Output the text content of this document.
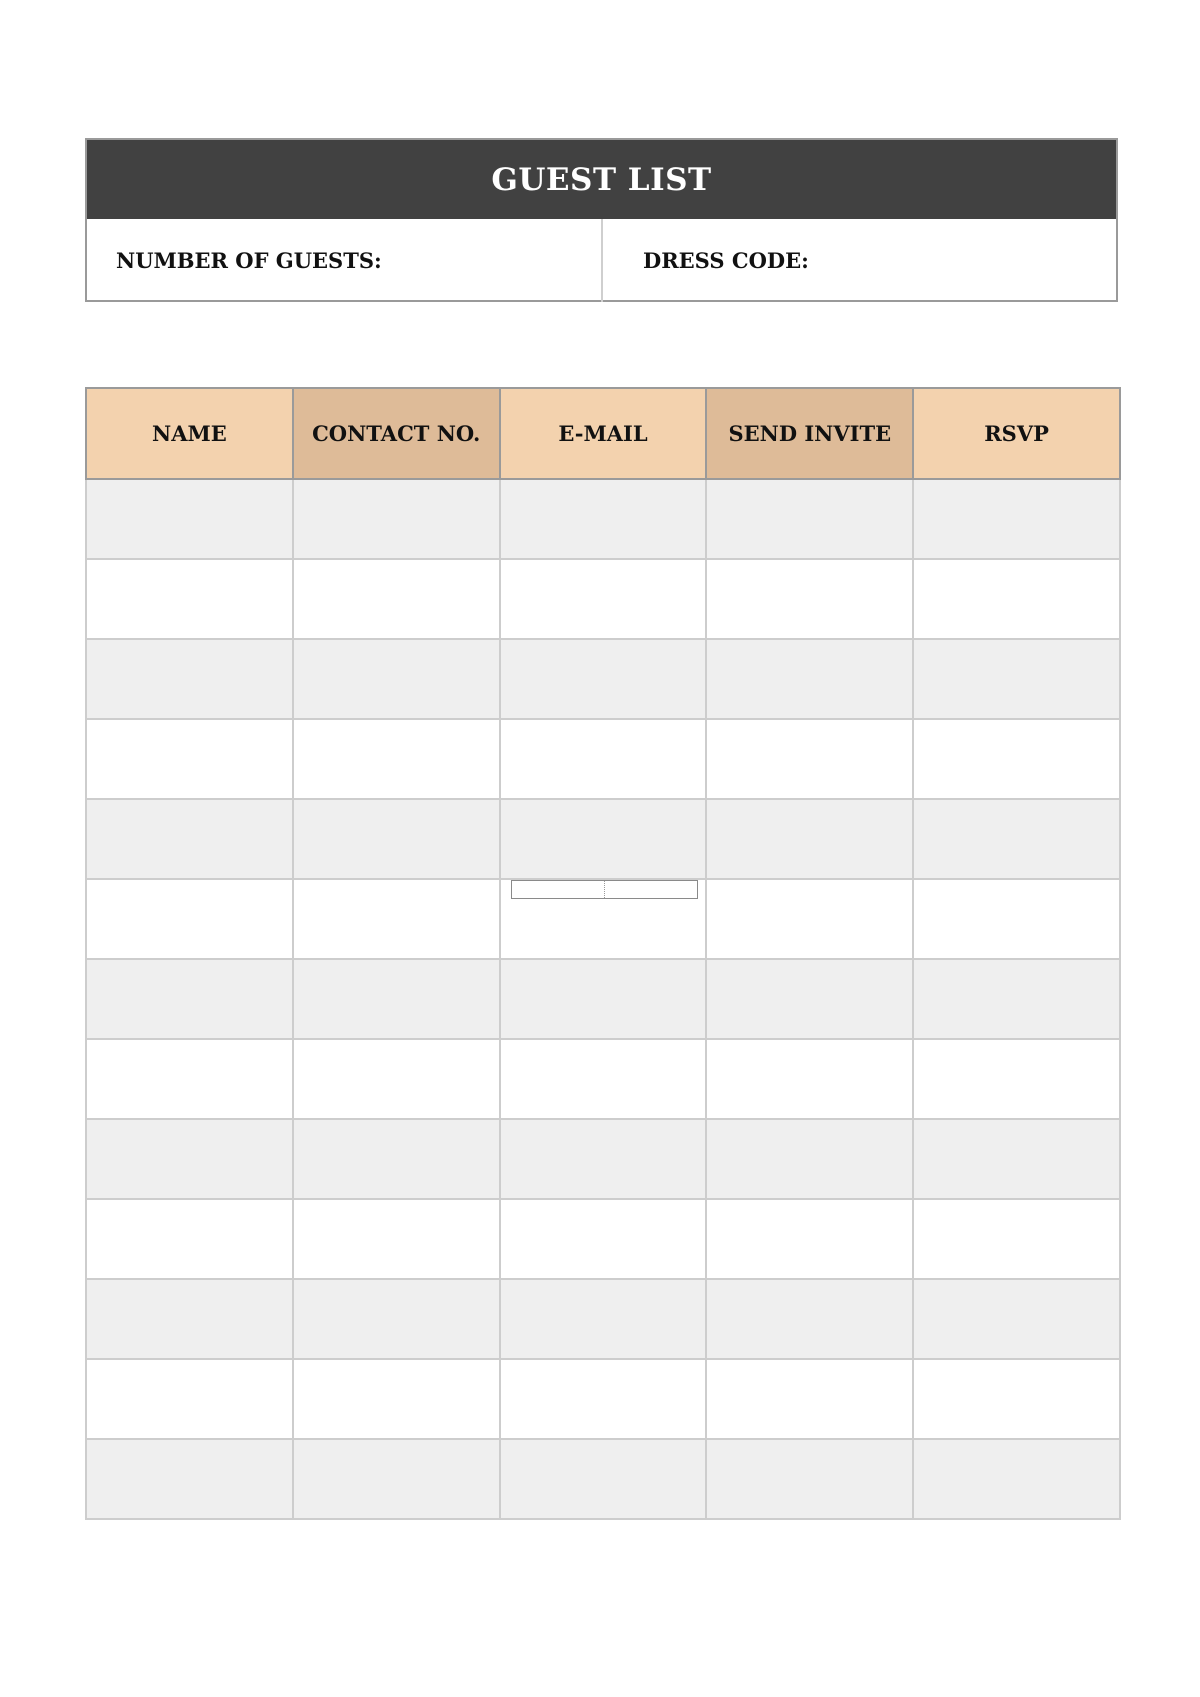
GUEST LIST
NUMBER OF GUESTS:	DRESS CODE:
NAME	CONTACT NO.	E-MAIL	SEND INVITE	RSVP
